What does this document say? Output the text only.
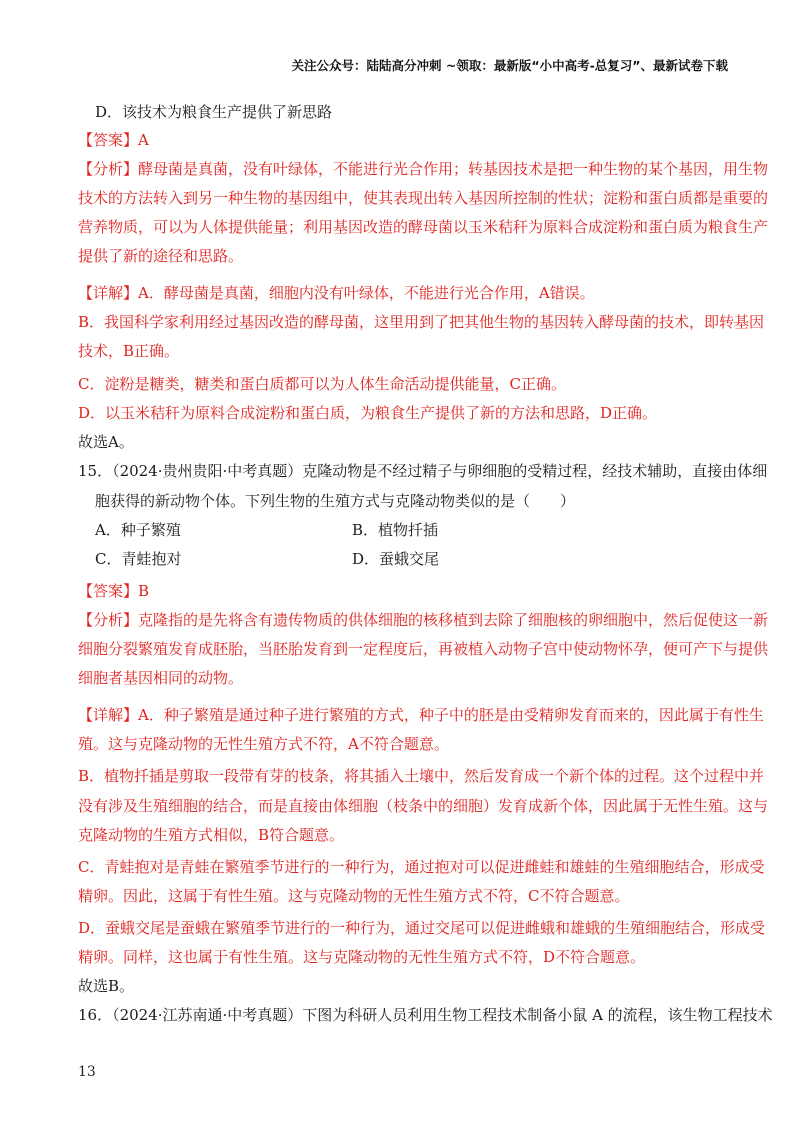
关注公众号：陆陆高分冲刺 ~领取：最新版“小中高考-总复习”、最新试卷下载
D．该技术为粮食生产提供了新思路
【答案】A
【分析】酵母菌是真菌，没有叶绿体，不能进行光合作用；转基因技术是把一种生物的某个基因，用生物
技术的方法转入到另一种生物的基因组中，使其表现出转入基因所控制的性状；淀粉和蛋白质都是重要的
营养物质，可以为人体提供能量；利用基因改造的酵母菌以玉米秸秆为原料合成淀粉和蛋白质为粮食生产
提供了新的途径和思路。
【详解】A．酵母菌是真菌，细胞内没有叶绿体，不能进行光合作用，A错误。
B．我国科学家利用经过基因改造的酵母菌，这里用到了把其他生物的基因转入酵母菌的技术，即转基因
技术，B正确。
C．淀粉是糖类，糖类和蛋白质都可以为人体生命活动提供能量，C正确。
D．以玉米秸秆为原料合成淀粉和蛋白质，为粮食生产提供了新的方法和思路，D正确。
故选A。
15．（2024·贵州贵阳·中考真题）克隆动物是不经过精子与卵细胞的受精过程，经技术辅助，直接由体细
胞获得的新动物个体。下列生物的生殖方式与克隆动物类似的是（　　）
A．种子繁殖	B．植物扦插
C．青蛙抱对	D．蚕蛾交尾
【答案】B
【分析】克隆指的是先将含有遗传物质的供体细胞的核移植到去除了细胞核的卵细胞中，然后促使这一新
细胞分裂繁殖发育成胚胎，当胚胎发育到一定程度后，再被植入动物子宫中使动物怀孕，便可产下与提供
细胞者基因相同的动物。
【详解】A．种子繁殖是通过种子进行繁殖的方式，种子中的胚是由受精卵发育而来的，因此属于有性生
殖。这与克隆动物的无性生殖方式不符，A不符合题意。
B．植物扦插是剪取一段带有芽的枝条，将其插入土壤中，然后发育成一个新个体的过程。这个过程中并
没有涉及生殖细胞的结合，而是直接由体细胞（枝条中的细胞）发育成新个体，因此属于无性生殖。这与
克隆动物的生殖方式相似，B符合题意。
C．青蛙抱对是青蛙在繁殖季节进行的一种行为，通过抱对可以促进雌蛙和雄蛙的生殖细胞结合，形成受
精卵。因此，这属于有性生殖。这与克隆动物的无性生殖方式不符，C不符合题意。
D．蚕蛾交尾是蚕蛾在繁殖季节进行的一种行为，通过交尾可以促进雌蛾和雄蛾的生殖细胞结合，形成受
精卵。同样，这也属于有性生殖。这与克隆动物的无性生殖方式不符，D不符合题意。
故选B。
16．（2024·江苏南通·中考真题）下图为科研人员利用生物工程技术制备小鼠 A 的流程，该生物工程技术
13
